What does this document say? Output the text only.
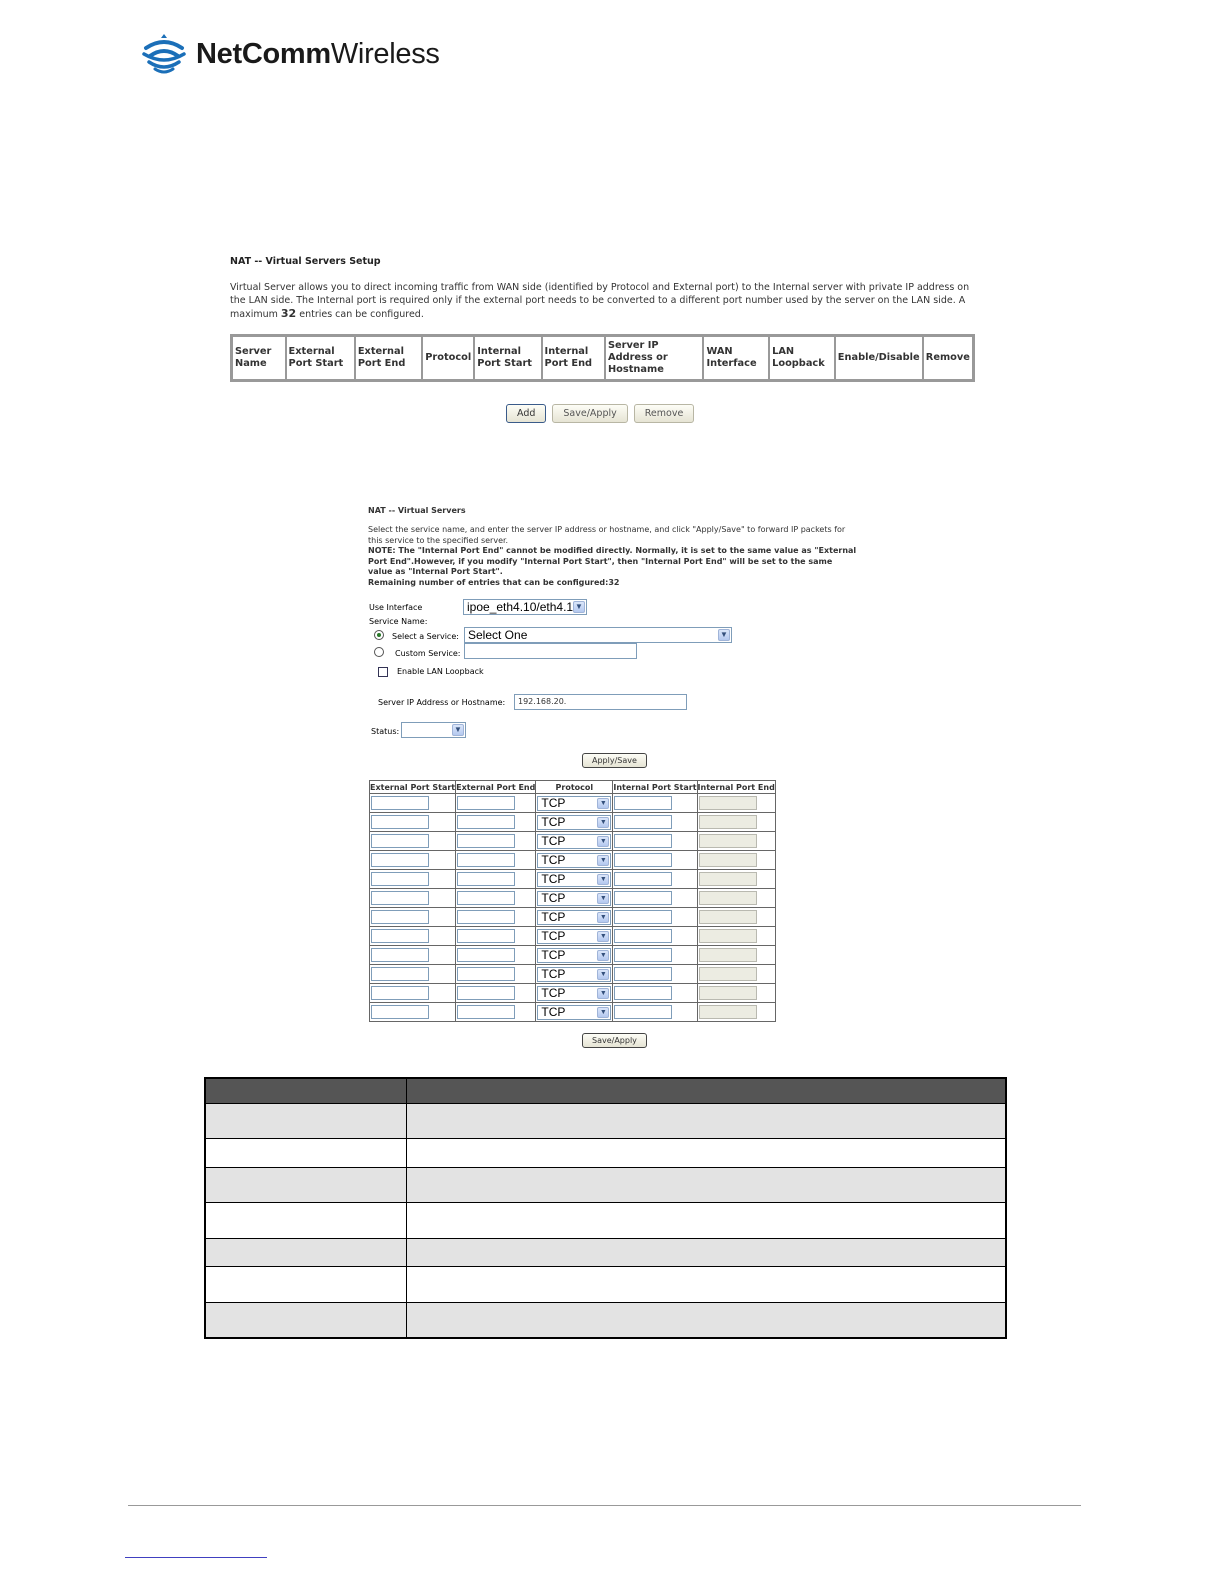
NetCommWireless
NAT -- Virtual Servers Setup
Virtual Server allows you to direct incoming traffic from WAN side (identified by Protocol and External port) to the Internal server with private IP address on the LAN side. The Internal port is required only if the external port needs to be converted to a different port number used by the server on the LAN side. A maximum 32 entries can be configured.
Server Name	External Port Start	External Port End	Protocol	Internal Port Start	Internal Port End	Server IP Address or Hostname	WAN Interface	LAN Loopback	Enable/Disable	Remove
Add	Save/Apply	Remove
NAT -- Virtual Servers
Select the service name, and enter the server IP address or hostname, and click "Apply/Save" to forward IP packets for this service to the specified server.
NOTE: The "Internal Port End" cannot be modified directly. Normally, it is set to the same value as "External Port End".However, if you modify "Internal Port Start", then "Internal Port End" will be set to the same value as "Internal Port Start".
Remaining number of entries that can be configured:32
Use Interface	ipoe_eth4.10/eth4.1 ▼
Service Name:
Select a Service: Select One	▼
Custom Service:
Enable LAN Loopback
Server IP Address or Hostname:	192.168.20.
Status:	▼
Apply/Save
External Port Start	External Port End	Protocol	Internal Port Start	Internal Port End

		TCP ▼		

		TCP ▼		

		TCP ▼		

		TCP ▼		

		TCP ▼		

		TCP ▼		

		TCP ▼		

		TCP ▼		

		TCP ▼		

		TCP ▼		

		TCP ▼		

		TCP ▼		

Save/Apply
